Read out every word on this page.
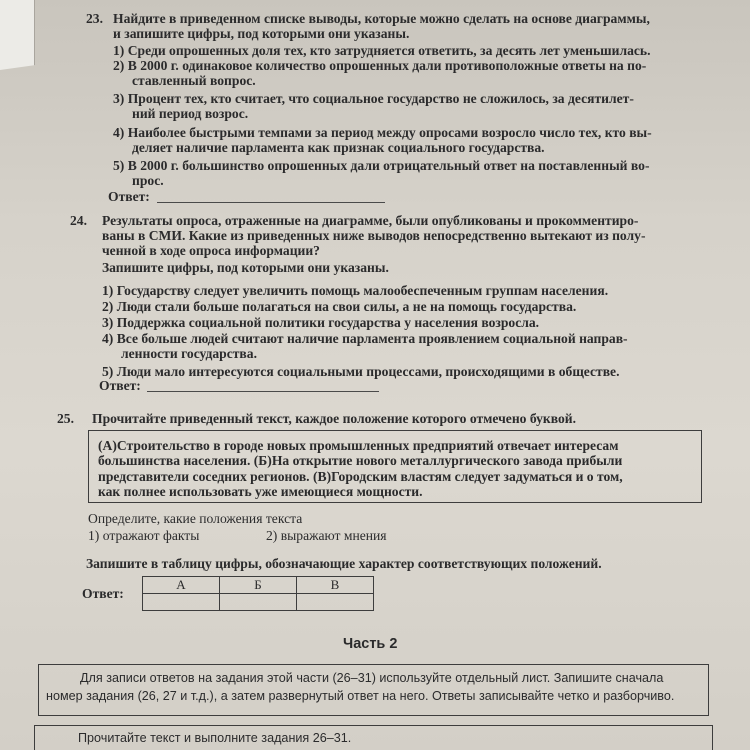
23. Найдите в приведенном списке выводы, которые можно сделать на основе диаграммы,
и запишите цифры, под которыми они указаны.
1) Среди опрошенных доля тех, кто затрудняется ответить, за десять лет уменьшилась.
2) В 2000 г. одинаковое количество опрошенных дали противоположные ответы на по-
ставленный вопрос.
3) Процент тех, кто считает, что социальное государство не сложилось, за десятилет-
ний период возрос.
4) Наиболее быстрыми темпами за период между опросами возросло число тех, кто вы-
деляет наличие парламента как признак социального государства.
5) В 2000 г. большинство опрошенных дали отрицательный ответ на поставленный во-
прос.
Ответ:
24. Результаты опроса, отраженные на диаграмме, были опубликованы и прокомментиро-
ваны в СМИ. Какие из приведенных ниже выводов непосредственно вытекают из полу-
ченной в ходе опроса информации?
Запишите цифры, под которыми они указаны.
1) Государству следует увеличить помощь малообеспеченным группам населения.
2) Люди стали больше полагаться на свои силы, а не на помощь государства.
3) Поддержка социальной политики государства у населения возросла.
4) Все больше людей считают наличие парламента проявлением социальной направ-
ленности государства.
5) Люди мало интересуются социальными процессами, происходящими в обществе.
Ответ:
25. Прочитайте приведенный текст, каждое положение которого отмечено буквой.
(А)Строительство в городе новых промышленных предприятий отвечает интересам
большинства населения. (Б)На открытие нового металлургического завода прибыли
представители соседних регионов. (В)Городским властям следует задуматься и о том,
как полнее использовать уже имеющиеся мощности.
Определите, какие положения текста
1) отражают факты	2) выражают мнения
Запишите в таблицу цифры, обозначающие характер соответствующих положений.
Ответ:
А	Б	В

Часть 2
Для записи ответов на задания этой части (26–31) используйте отдельный лист. Запишите сначала
номер задания (26, 27 и т.д.), а затем развернутый ответ на него. Ответы записывайте четко и разборчиво.
Прочитайте текст и выполните задания 26–31.
